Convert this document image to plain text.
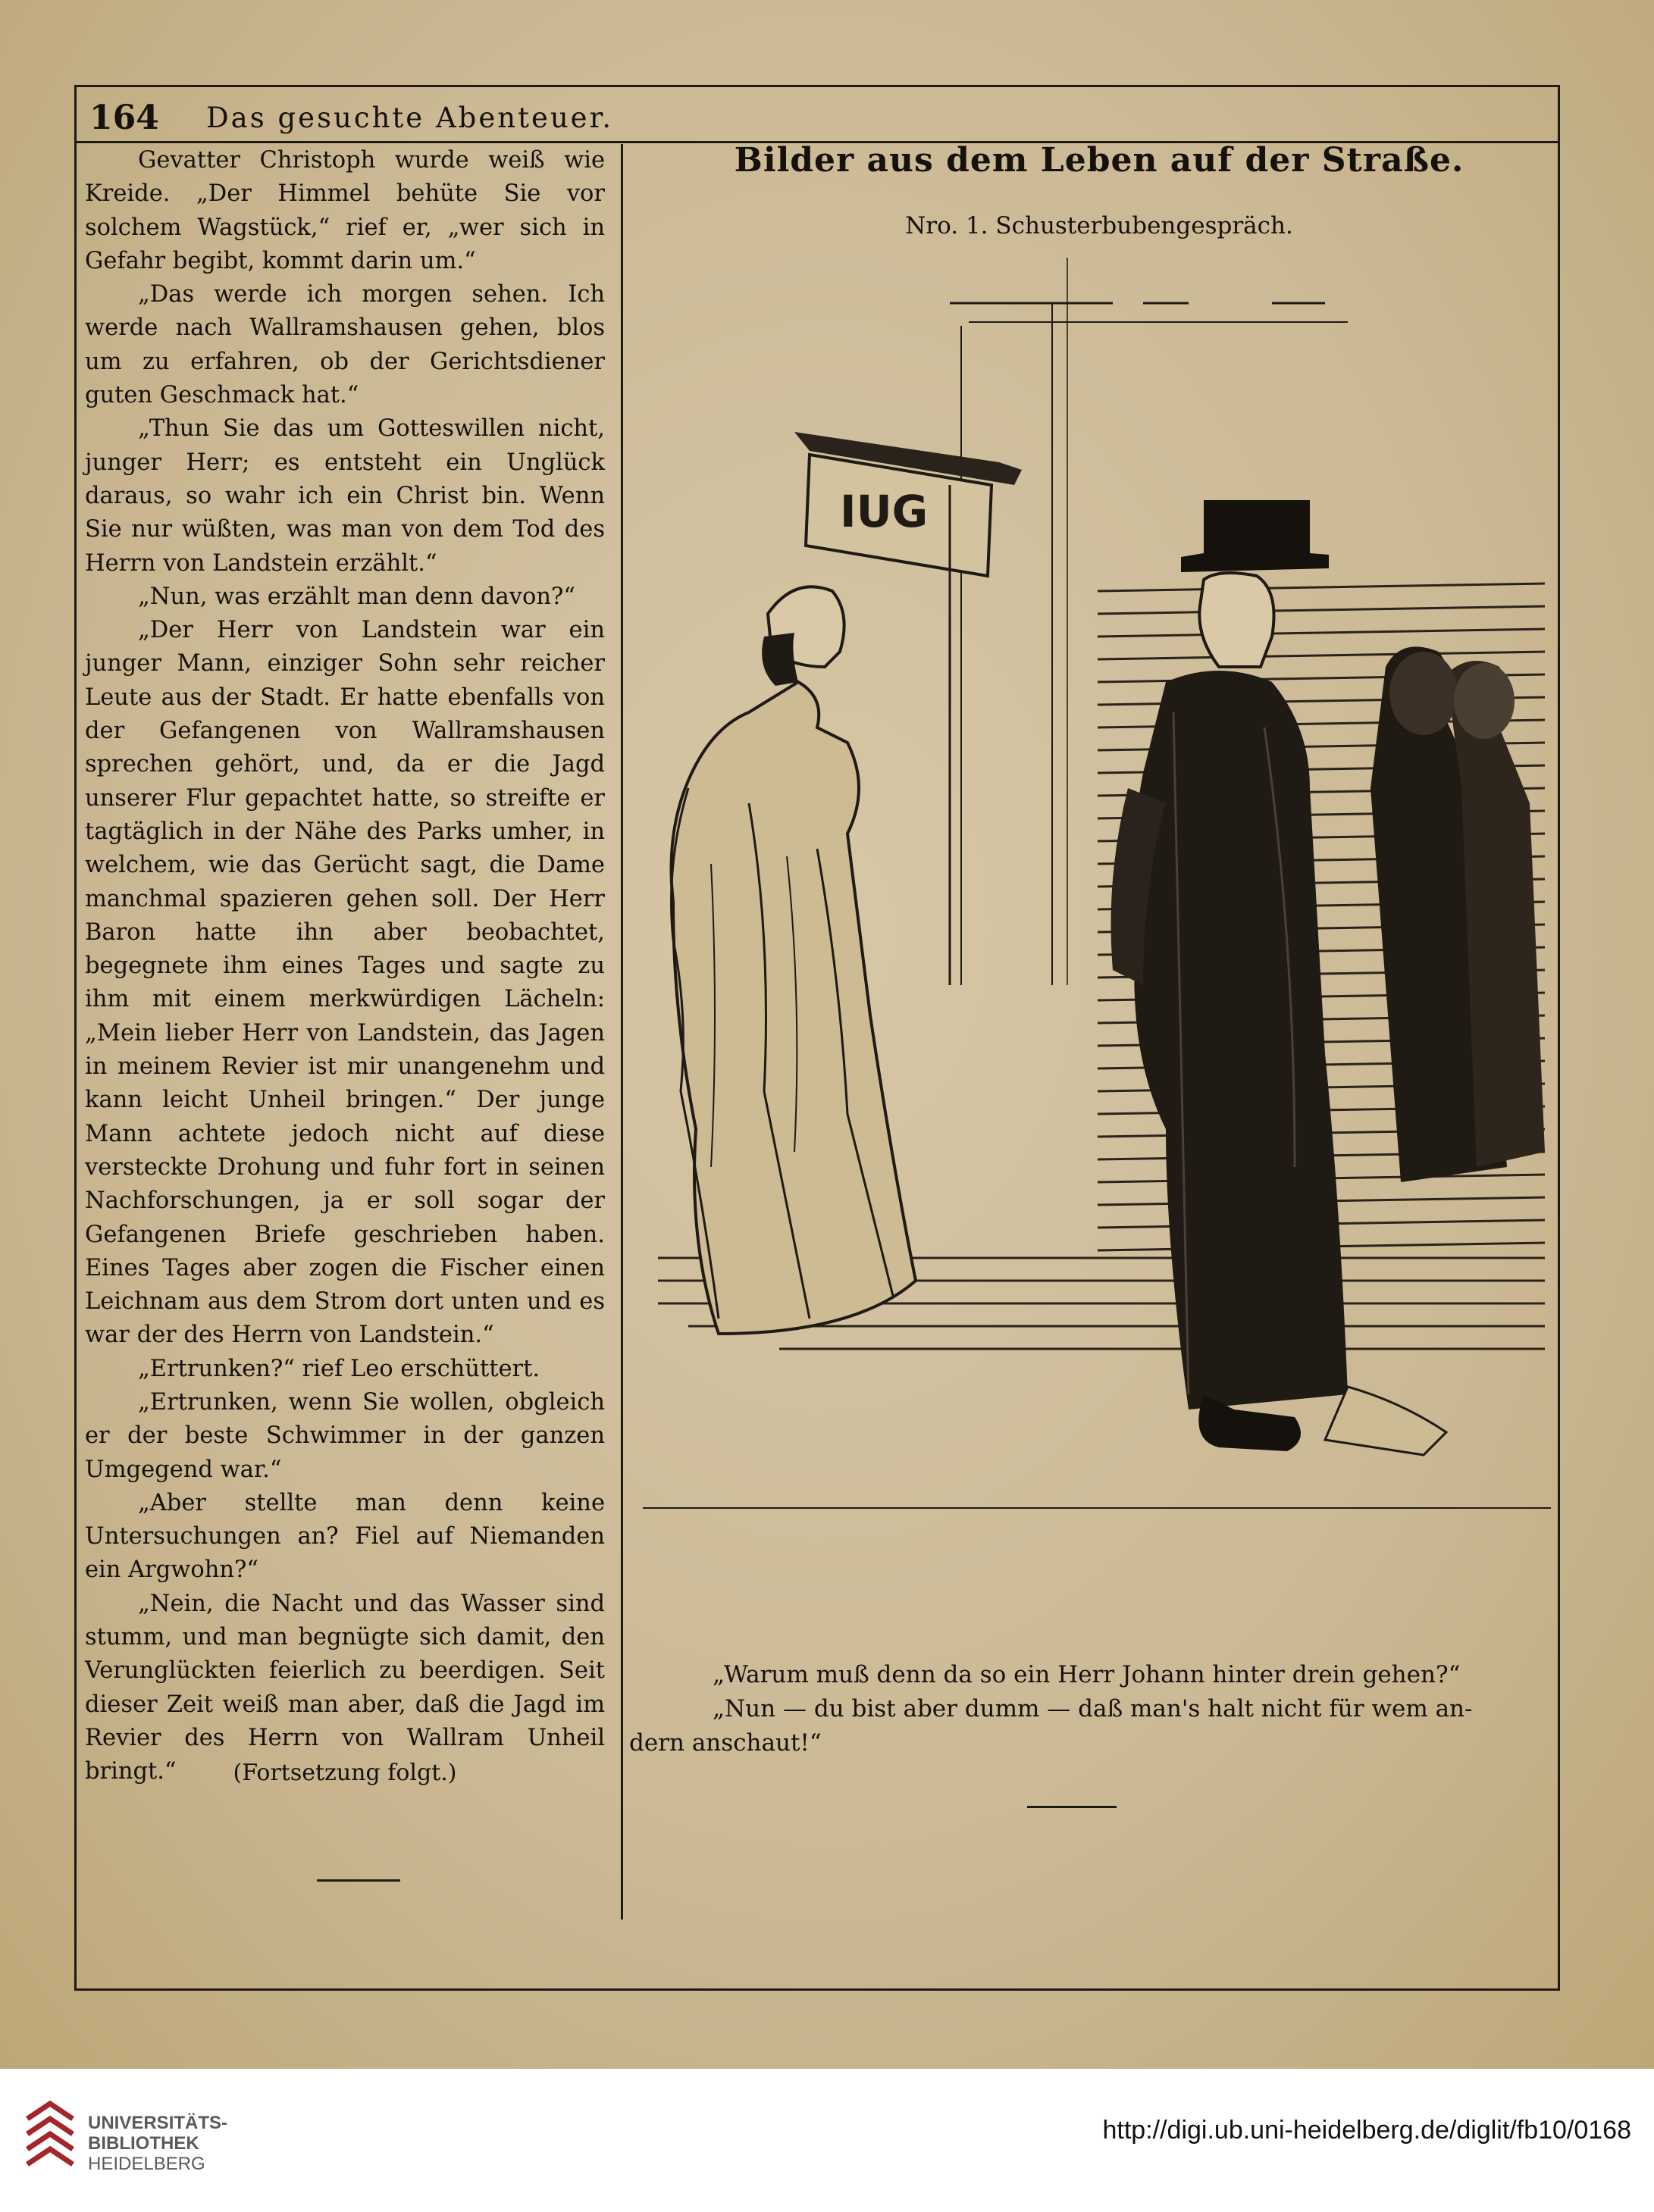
164 Das gesuchte Abenteuer.

Gevatter Christoph wurde weiß wie Kreide. „Der Himmel behüte Sie vor solchem Wagstück,“ rief er, „wer sich in Gefahr begibt, kommt darin um.“

„Das werde ich morgen sehen. Ich werde nach Wallramshausen gehen, blos um zu erfahren, ob der Gerichtsdiener guten Geschmack hat.“

„Thun Sie das um Gotteswillen nicht, junger Herr; es entsteht ein Unglück daraus, so wahr ich ein Christ bin. Wenn Sie nur wüßten, was man von dem Tod des Herrn von Landstein erzählt.“

„Nun, was erzählt man denn davon?“

„Der Herr von Landstein war ein junger Mann, einziger Sohn sehr reicher Leute aus der Stadt. Er hatte ebenfalls von der Gefangenen von Wallramshausen sprechen gehört, und, da er die Jagd unserer Flur gepachtet hatte, so streifte er tagtäglich in der Nähe des Parks umher, in welchem, wie das Gerücht sagt, die Dame manchmal spazieren gehen soll. Der Herr Baron hatte ihn aber beobachtet, begegnete ihm eines Tages und sagte zu ihm mit einem merkwürdigen Lächeln: „Mein lieber Herr von Landstein, das Jagen in meinem Revier ist mir unangenehm und kann leicht Unheil bringen.“ Der junge Mann achtete jedoch nicht auf diese versteckte Drohung und fuhr fort in seinen Nachforschungen, ja er soll sogar der Gefangenen Briefe geschrieben haben. Eines Tages aber zogen die Fischer einen Leichnam aus dem Strom dort unten und es war der des Herrn von Landstein.“

„Ertrunken?“ rief Leo erschüttert.

„Ertrunken, wenn Sie wollen, obgleich er der beste Schwimmer in der ganzen Umgegend war.“

„Aber stellte man denn keine Untersuchungen an? Fiel auf Niemanden ein Argwohn?“

„Nein, die Nacht und das Wasser sind stumm, und man begnügte sich damit, den Verunglückten feierlich zu beerdigen. Seit dieser Zeit weiß man aber, daß die Jagd im Revier des Herrn von Wallram Unheil bringt.“	(Fortsetzung folgt.)
Bilder aus dem Leben auf der Straße.
Nro. 1. Schusterbubengespräch.
IUG
„Warum muß denn da so ein Herr Johann hinter drein gehen?“
„Nun — du bist aber dumm — daß man's halt nicht für wem an-
dern anschaut!“
UNIVERSITÄTS-
BIBLIOTHEK
HEIDELBERG
http://digi.ub.uni-heidelberg.de/diglit/fb10/0168
